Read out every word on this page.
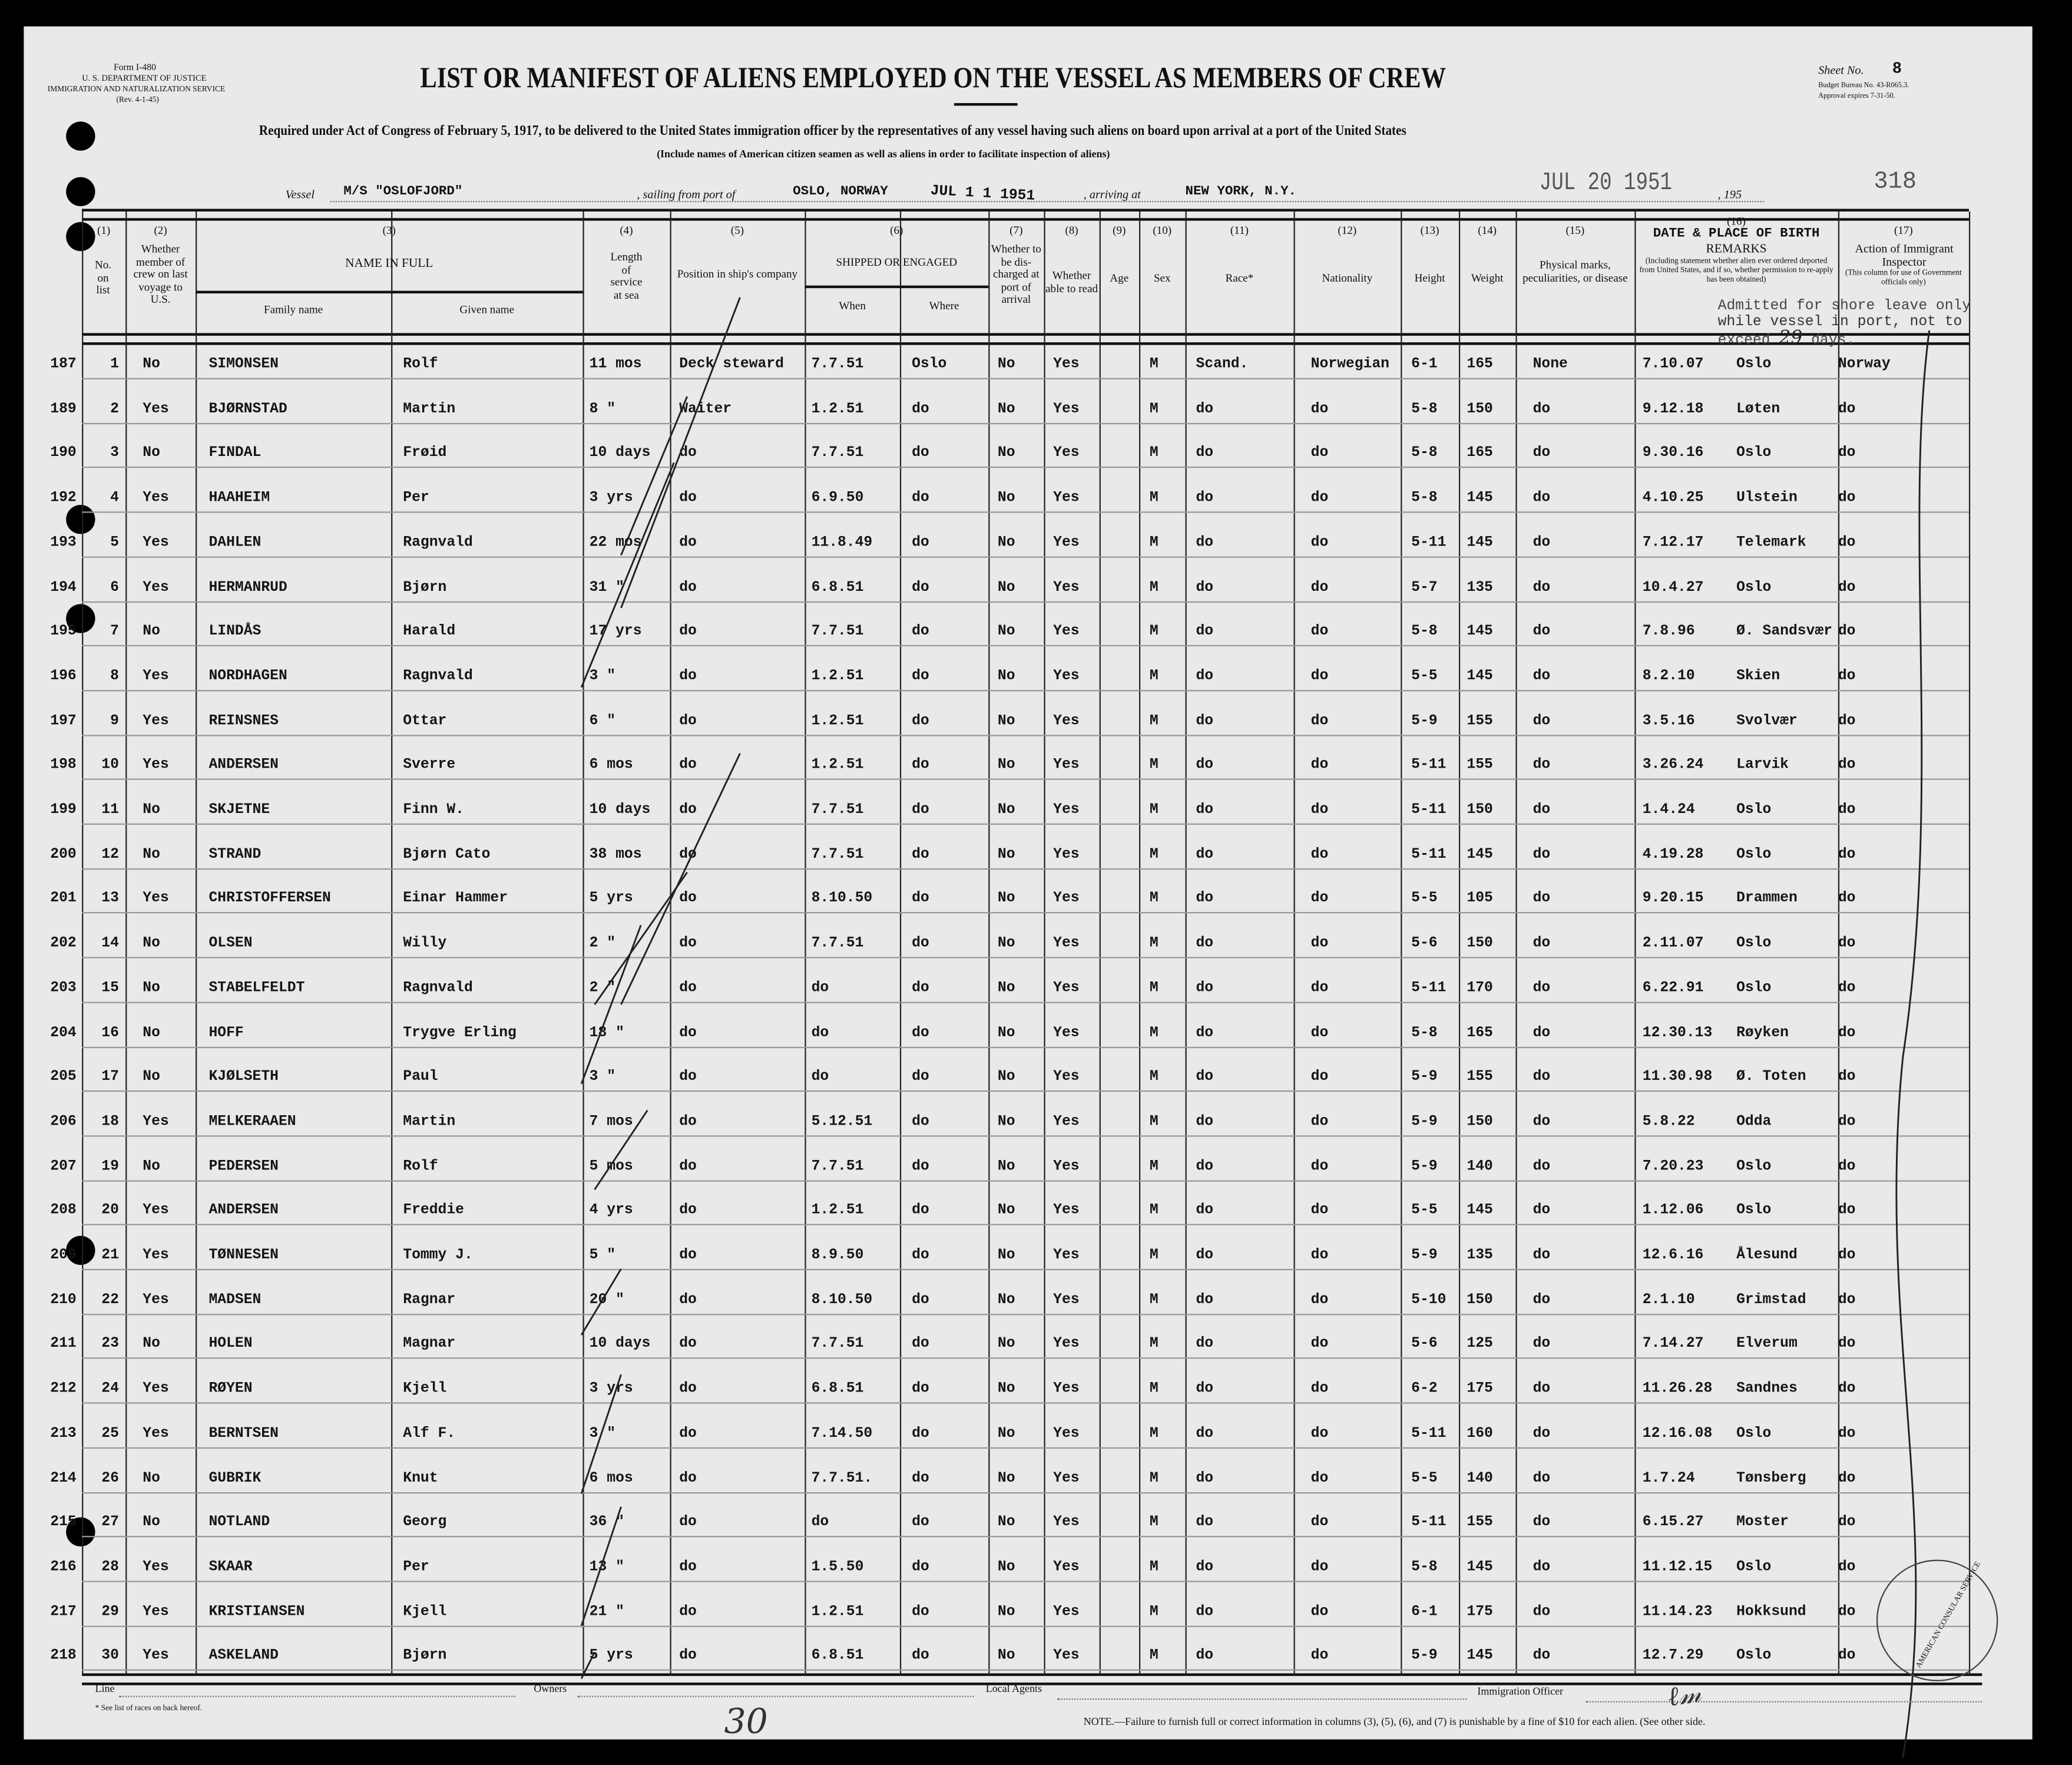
Form I-480
U. S. DEPARTMENT OF JUSTICE
IMMIGRATION AND NATURALIZATION SERVICE
(Rev. 4-1-45)
LIST OR MANIFEST OF ALIENS EMPLOYED ON THE VESSEL AS MEMBERS OF CREW
Required under Act of Congress of February 5, 1917, to be delivered to the United States immigration officer by the representatives of any vessel having such aliens on board upon arrival at a port of the United States
(Include names of American citizen seamen as well as aliens in order to facilitate inspection of aliens)
Sheet No.	8
Budget Bureau No. 43-R065.3.
Approval expires 7-31-50.
Vessel	M/S "OSLOFJORD"	, sailing from port of	OSLO, NORWAY	JUL 1 1 1951	, arriving at	NEW YORK, N.Y.	JUL 20 1951	, 195	318
(1)
No. on list
(2)
Whether member of crew on last voyage to U.S.
(3)
NAME IN FULL
Family name	Given name
(4)
Length of service at sea
(5)
Position in ship's company
(6)
SHIPPED OR ENGAGED
When	Where
(7)
Whether to be dis-charged at port of arrival
(8)
Whether able to read
(9)
Age
(10)
Sex
(11)
Race*
(12)
Nationality
(13)
Height
(14)
Weight
(15)
Physical marks, peculiarities, or disease
(16)
DATE & PLACE OF BIRTH
REMARKS
(Including statement whether alien ever ordered deported from United States, and if so, whether permission to re-apply has been obtained)
(17)
Action of Immigrant Inspector
(This column for use of Government officials only)
Admitted for shore leave only
while vessel in port, not to
exceed 29 days.
187	1	No	SIMONSEN	Rolf	11 mos	Deck steward	7.7.51	Oslo	No	Yes	M	Scand.	Norwegian	6-1	165	None	7.10.07	Oslo	Norway
189	2	Yes	BJØRNSTAD	Martin	8 "	Waiter	1.2.51	do	No	Yes	M	do	do	5-8	150	do	9.12.18	Løten	do
190	3	No	FINDAL	Frøid	10 days	do	7.7.51	do	No	Yes	M	do	do	5-8	165	do	9.30.16	Oslo	do
192	4	Yes	HAAHEIM	Per	3 yrs	do	6.9.50	do	No	Yes	M	do	do	5-8	145	do	4.10.25	Ulstein	do
193	5	Yes	DAHLEN	Ragnvald	22 mos	do	11.8.49	do	No	Yes	M	do	do	5-11	145	do	7.12.17	Telemark	do
194	6	Yes	HERMANRUD	Bjørn	31 "	do	6.8.51	do	No	Yes	M	do	do	5-7	135	do	10.4.27	Oslo	do
195	7	No	LINDÅS	Harald	17 yrs	do	7.7.51	do	No	Yes	M	do	do	5-8	145	do	7.8.96	Ø. Sandsvær do
196	8	Yes	NORDHAGEN	Ragnvald	3 "	do	1.2.51	do	No	Yes	M	do	do	5-5	145	do	8.2.10	Skien	do
197	9	Yes	REINSNES	Ottar	6 "	do	1.2.51	do	No	Yes	M	do	do	5-9	155	do	3.5.16	Svolvær	do
198	10	Yes	ANDERSEN	Sverre	6 mos	do	1.2.51	do	No	Yes	M	do	do	5-11	155	do	3.26.24	Larvik	do
199	11	No	SKJETNE	Finn W.	10 days	do	7.7.51	do	No	Yes	M	do	do	5-11	150	do	1.4.24	Oslo	do
200	12	No	STRAND	Bjørn Cato	38 mos	do	7.7.51	do	No	Yes	M	do	do	5-11	145	do	4.19.28	Oslo	do
201	13	Yes	CHRISTOFFERSEN	Einar Hammer	5 yrs	do	8.10.50	do	No	Yes	M	do	do	5-5	105	do	9.20.15	Drammen	do
202	14	No	OLSEN	Willy	2 "	do	7.7.51	do	No	Yes	M	do	do	5-6	150	do	2.11.07	Oslo	do
203	15	No	STABELFELDT	Ragnvald	2 "	do	do	do	No	Yes	M	do	do	5-11	170	do	6.22.91	Oslo	do
204	16	No	HOFF	Trygve Erling	18 "	do	do	do	No	Yes	M	do	do	5-8	165	do	12.30.13	Røyken	do
205	17	No	KJØLSETH	Paul	3 "	do	do	do	No	Yes	M	do	do	5-9	155	do	11.30.98	Ø. Toten	do
206	18	Yes	MELKERAAEN	Martin	7 mos	do	5.12.51	do	No	Yes	M	do	do	5-9	150	do	5.8.22	Odda	do
207	19	No	PEDERSEN	Rolf	5 mos	do	7.7.51	do	No	Yes	M	do	do	5-9	140	do	7.20.23	Oslo	do
208	20	Yes	ANDERSEN	Freddie	4 yrs	do	1.2.51	do	No	Yes	M	do	do	5-5	145	do	1.12.06	Oslo	do
209	21	Yes	TØNNESEN	Tommy J.	5 "	do	8.9.50	do	No	Yes	M	do	do	5-9	135	do	12.6.16	Ålesund	do
210	22	Yes	MADSEN	Ragnar	20 "	do	8.10.50	do	No	Yes	M	do	do	5-10	150	do	2.1.10	Grimstad	do
211	23	No	HOLEN	Magnar	10 days	do	7.7.51	do	No	Yes	M	do	do	5-6	125	do	7.14.27	Elverum	do
212	24	Yes	RØYEN	Kjell	3 yrs	do	6.8.51	do	No	Yes	M	do	do	6-2	175	do	11.26.28	Sandnes	do
213	25	Yes	BERNTSEN	Alf F.	3 "	do	7.14.50	do	No	Yes	M	do	do	5-11	160	do	12.16.08	Oslo	do
214	26	No	GUBRIK	Knut	6 mos	do	7.7.51.	do	No	Yes	M	do	do	5-5	140	do	1.7.24	Tønsberg	do
215	27	No	NOTLAND	Georg	36 "	do	do	do	No	Yes	M	do	do	5-11	155	do	6.15.27	Moster	do
216	28	Yes	SKAAR	Per	13 "	do	1.5.50	do	No	Yes	M	do	do	5-8	145	do	11.12.15	Oslo	do
217	29	Yes	KRISTIANSEN	Kjell	21 "	do	1.2.51	do	No	Yes	M	do	do	6-1	175	do	11.14.23	Hokksund	do
218	30	Yes	ASKELAND	Bjørn	5 yrs	do	6.8.51	do	No	Yes	M	do	do	5-9	145	do	12.7.29	Oslo	do	AMERICAN CONSULAR SERVICE
Line	Owners	Local Agents	Immigration Officer	ℓ𝓂
* See list of races on back hereof.	30	NOTE.—Failure to furnish full or correct information in columns (3), (5), (6), and (7) is punishable by a fine of $10 for each alien. (See other side.
